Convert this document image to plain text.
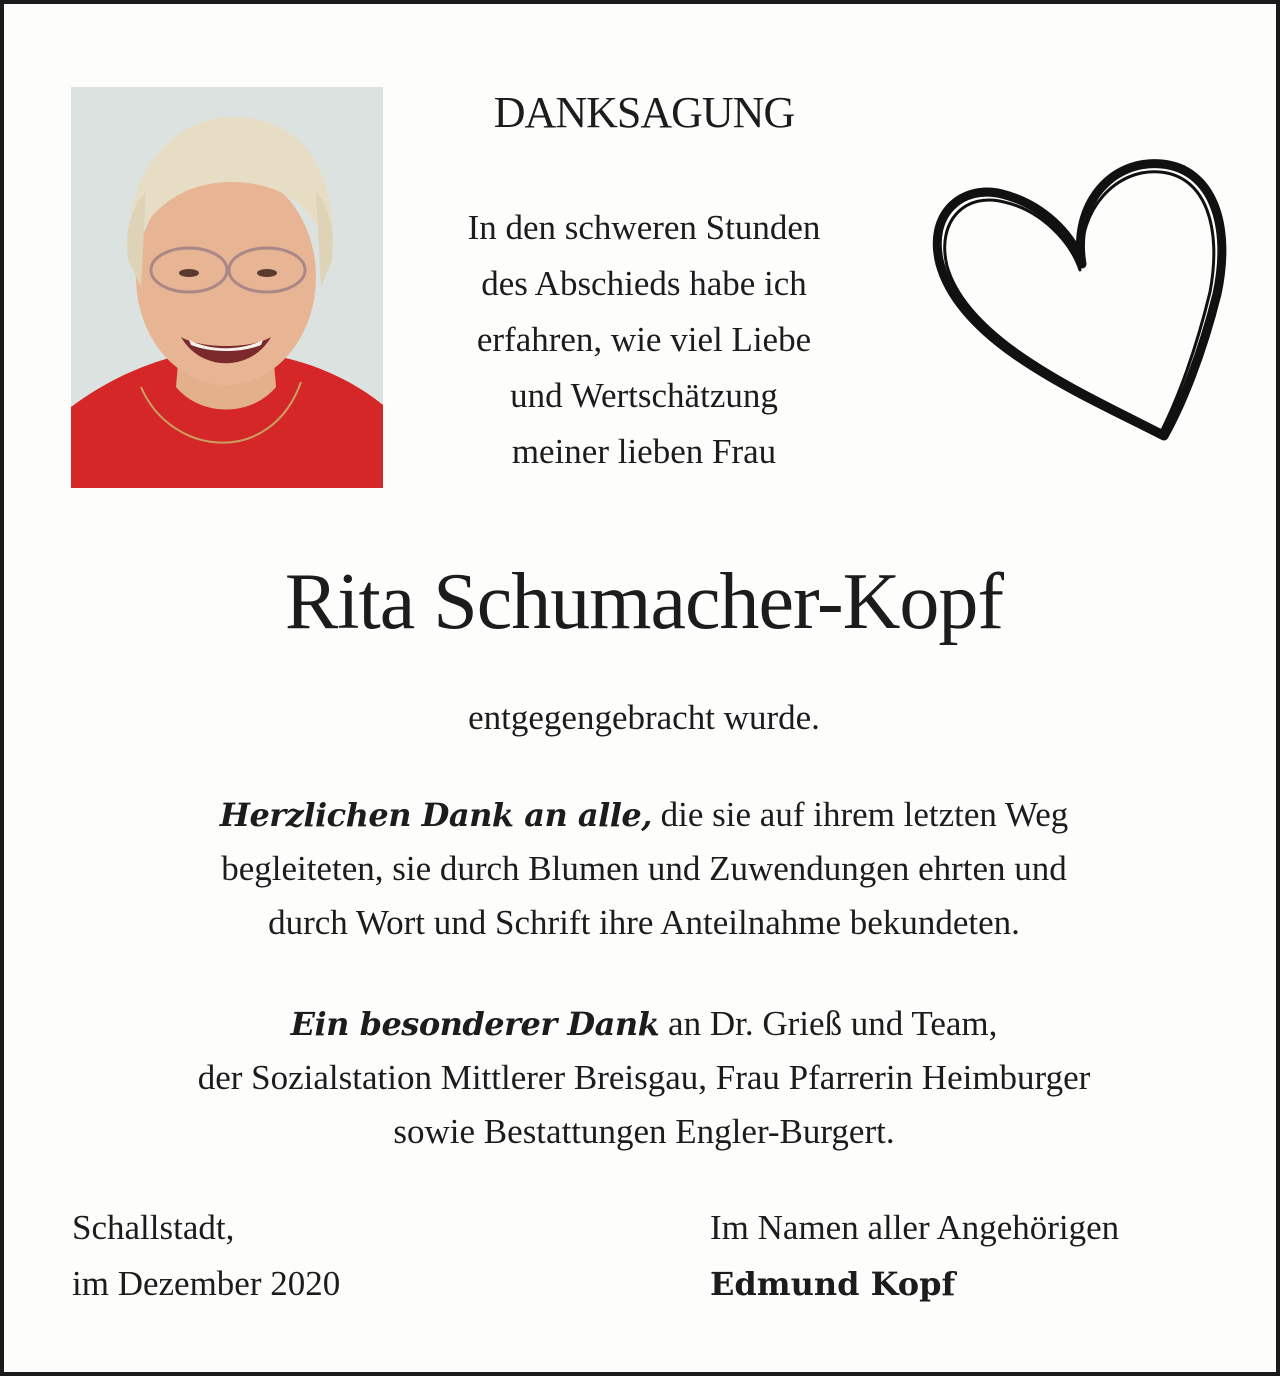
DANKSAGUNG
In den schweren Stunden
des Abschieds habe ich
erfahren, wie viel Liebe
und Wertschätzung
meiner lieben Frau
Rita Schumacher-Kopf
entgegengebracht wurde.
Herzlichen Dank an alle, die sie auf ihrem letzten Weg
begleiteten, sie durch Blumen und Zuwendungen ehrten und
durch Wort und Schrift ihre Anteilnahme bekundeten.
Ein besonderer Dank an Dr. Grieß und Team,
der Sozialstation Mittlerer Breisgau, Frau Pfarrerin Heimburger
sowie Bestattungen Engler-Burgert.
Schallstadt,
im Dezember 2020
Im Namen aller Angehörigen
Edmund Kopf
